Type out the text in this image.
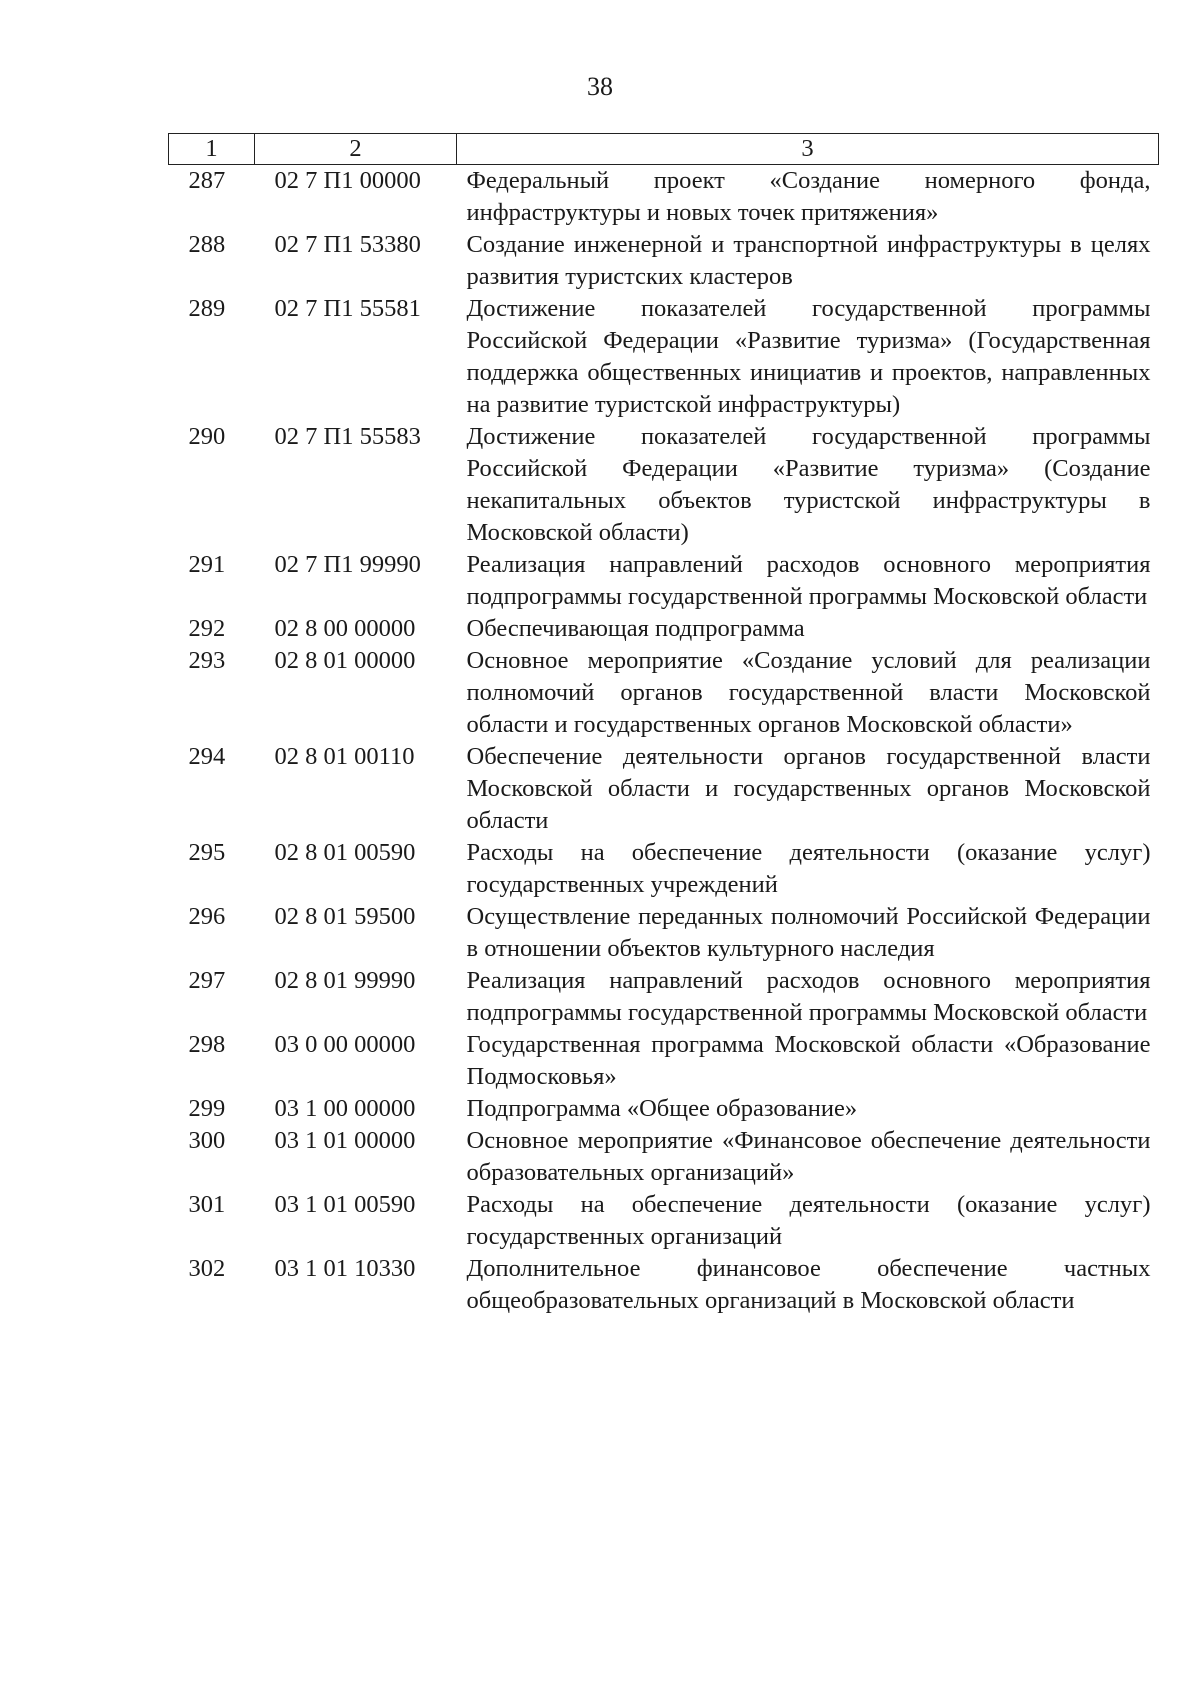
38
1	2	3
287	02 7 П1 00000	Федеральный проект «Создание номерного фонда, инфраструктуры и новых точек притяжения»
288	02 7 П1 53380	Создание инженерной и транспортной инфраструктуры в целях развития туристских кластеров
289	02 7 П1 55581	Достижение показателей государственной программы Российской Федерации «Развитие туризма» (Государственная поддержка общественных инициатив и проектов, направленных на развитие туристской инфраструктуры)
290	02 7 П1 55583	Достижение показателей государственной программы Российской Федерации «Развитие туризма» (Создание некапитальных объектов туристской инфраструктуры в Московской области)
291	02 7 П1 99990	Реализация направлений расходов основного мероприятия подпрограммы государственной программы Московской области
292	02 8 00 00000	Обеспечивающая подпрограмма
293	02 8 01 00000	Основное мероприятие «Создание условий для реализации полномочий органов государственной власти Московской области и государственных органов Московской области»
294	02 8 01 00110	Обеспечение деятельности органов государственной власти Московской области и государственных органов Московской области
295	02 8 01 00590	Расходы на обеспечение деятельности (оказание услуг) государственных учреждений
296	02 8 01 59500	Осуществление переданных полномочий Российской Федерации в отношении объектов культурного наследия
297	02 8 01 99990	Реализация направлений расходов основного мероприятия подпрограммы государственной программы Московской области
298	03 0 00 00000	Государственная программа Московской области «Образование Подмосковья»
299	03 1 00 00000	Подпрограмма «Общее образование»
300	03 1 01 00000	Основное мероприятие «Финансовое обеспечение деятельности образовательных организаций»
301	03 1 01 00590	Расходы на обеспечение деятельности (оказание услуг) государственных организаций
302	03 1 01 10330	Дополнительное финансовое обеспечение частных общеобразовательных организаций в Московской области
